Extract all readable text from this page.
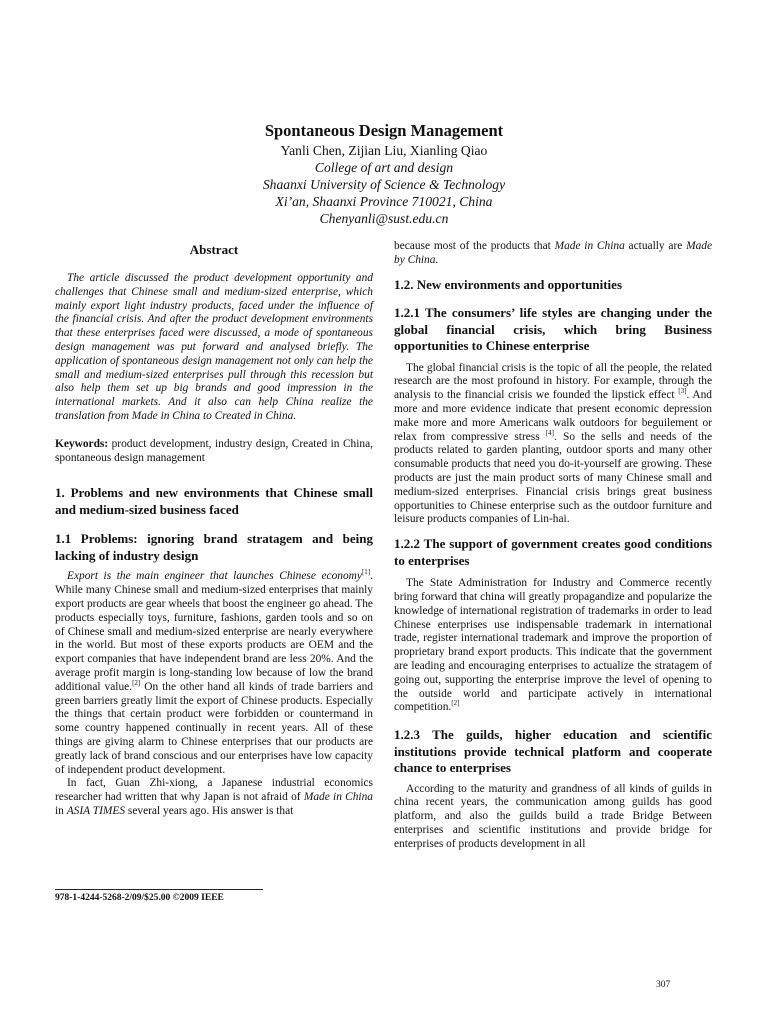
Spontaneous Design Management
Yanli Chen, Zijian Liu, Xianling Qiao
College of art and design
Shaanxi University of Science & Technology
Xi’an, Shaanxi Province 710021, China
Chenyanli@sust.edu.cn
Abstract

The article discussed the product development opportunity and challenges that Chinese small and medium-sized enterprise, which mainly export light industry products, faced under the influence of the financial crisis. And after the product development environments that these enterprises faced were discussed, a mode of spontaneous design management was put forward and analysed briefly. The application of spontaneous design management not only can help the small and medium-sized enterprises pull through this recession but also help them set up big brands and good impression in the international markets. And it also can help China realize the translation from Made in China to Created in China.

Keywords: product development, industry design, Created in China, spontaneous design management

1. Problems and new environments that Chinese small and medium-sized business faced
1.1 Problems: ignoring brand stratagem and being lacking of industry design

Export is the main engineer that launches Chinese economy[1]. While many Chinese small and medium-sized enterprises that mainly export products are gear wheels that boost the engineer go ahead. The products especially toys, furniture, fashions, garden tools and so on of Chinese small and medium-sized enterprise are nearly everywhere in the world. But most of these exports products are OEM and the export companies that have independent brand are less 20%. And the average profit margin is long-standing low because of low the brand additional value.[2] On the other hand all kinds of trade barriers and green barriers greatly limit the export of Chinese products. Especially the things that certain product were forbidden or countermand in some country happened continually in recent years. All of these things are giving alarm to Chinese enterprises that our products are greatly lack of brand conscious and our enterprises have low capacity of independent product development.

In fact, Guan Zhi-xiong, a Japanese industrial economics researcher had written that why Japan is not afraid of Made in China in ASIA TIMES several years ago. His answer is that

because most of the products that Made in China actually are Made by China.

1.2. New environments and opportunities
1.2.1 The consumers’ life styles are changing under the global financial crisis, which bring Business opportunities to Chinese enterprise

The global financial crisis is the topic of all the people, the related research are the most profound in history. For example, through the analysis to the financial crisis we founded the lipstick effect [3]. And more and more evidence indicate that present economic depression make more and more Americans walk outdoors for beguilement or relax from compressive stress [4]. So the sells and needs of the products related to garden planting, outdoor sports and many other consumable products that need you do-it-yourself are growing. These products are just the main product sorts of many Chinese small and medium-sized enterprises. Financial crisis brings great business opportunities to Chinese enterprise such as the outdoor furniture and leisure products companies of Lin-hai.

1.2.2 The support of government creates good conditions to enterprises

The State Administration for Industry and Commerce recently bring forward that china will greatly propagandize and popularize the knowledge of international registration of trademarks in order to lead Chinese enterprises use indispensable trademark in international trade, register international trademark and improve the proportion of proprietary brand export products. This indicate that the government are leading and encouraging enterprises to actualize the stratagem of going out, supporting the enterprise improve the level of opening to the outside world and participate actively in international competition.[2]

1.2.3 The guilds, higher education and scientific institutions provide technical platform and cooperate chance to enterprises

According to the maturity and grandness of all kinds of guilds in china recent years, the communication among guilds has good platform, and also the guilds build a trade Bridge Between enterprises and scientific institutions and provide bridge for enterprises of products development in all

978-1-4244-5268-2/09/$25.00 ©2009 IEEE
307
